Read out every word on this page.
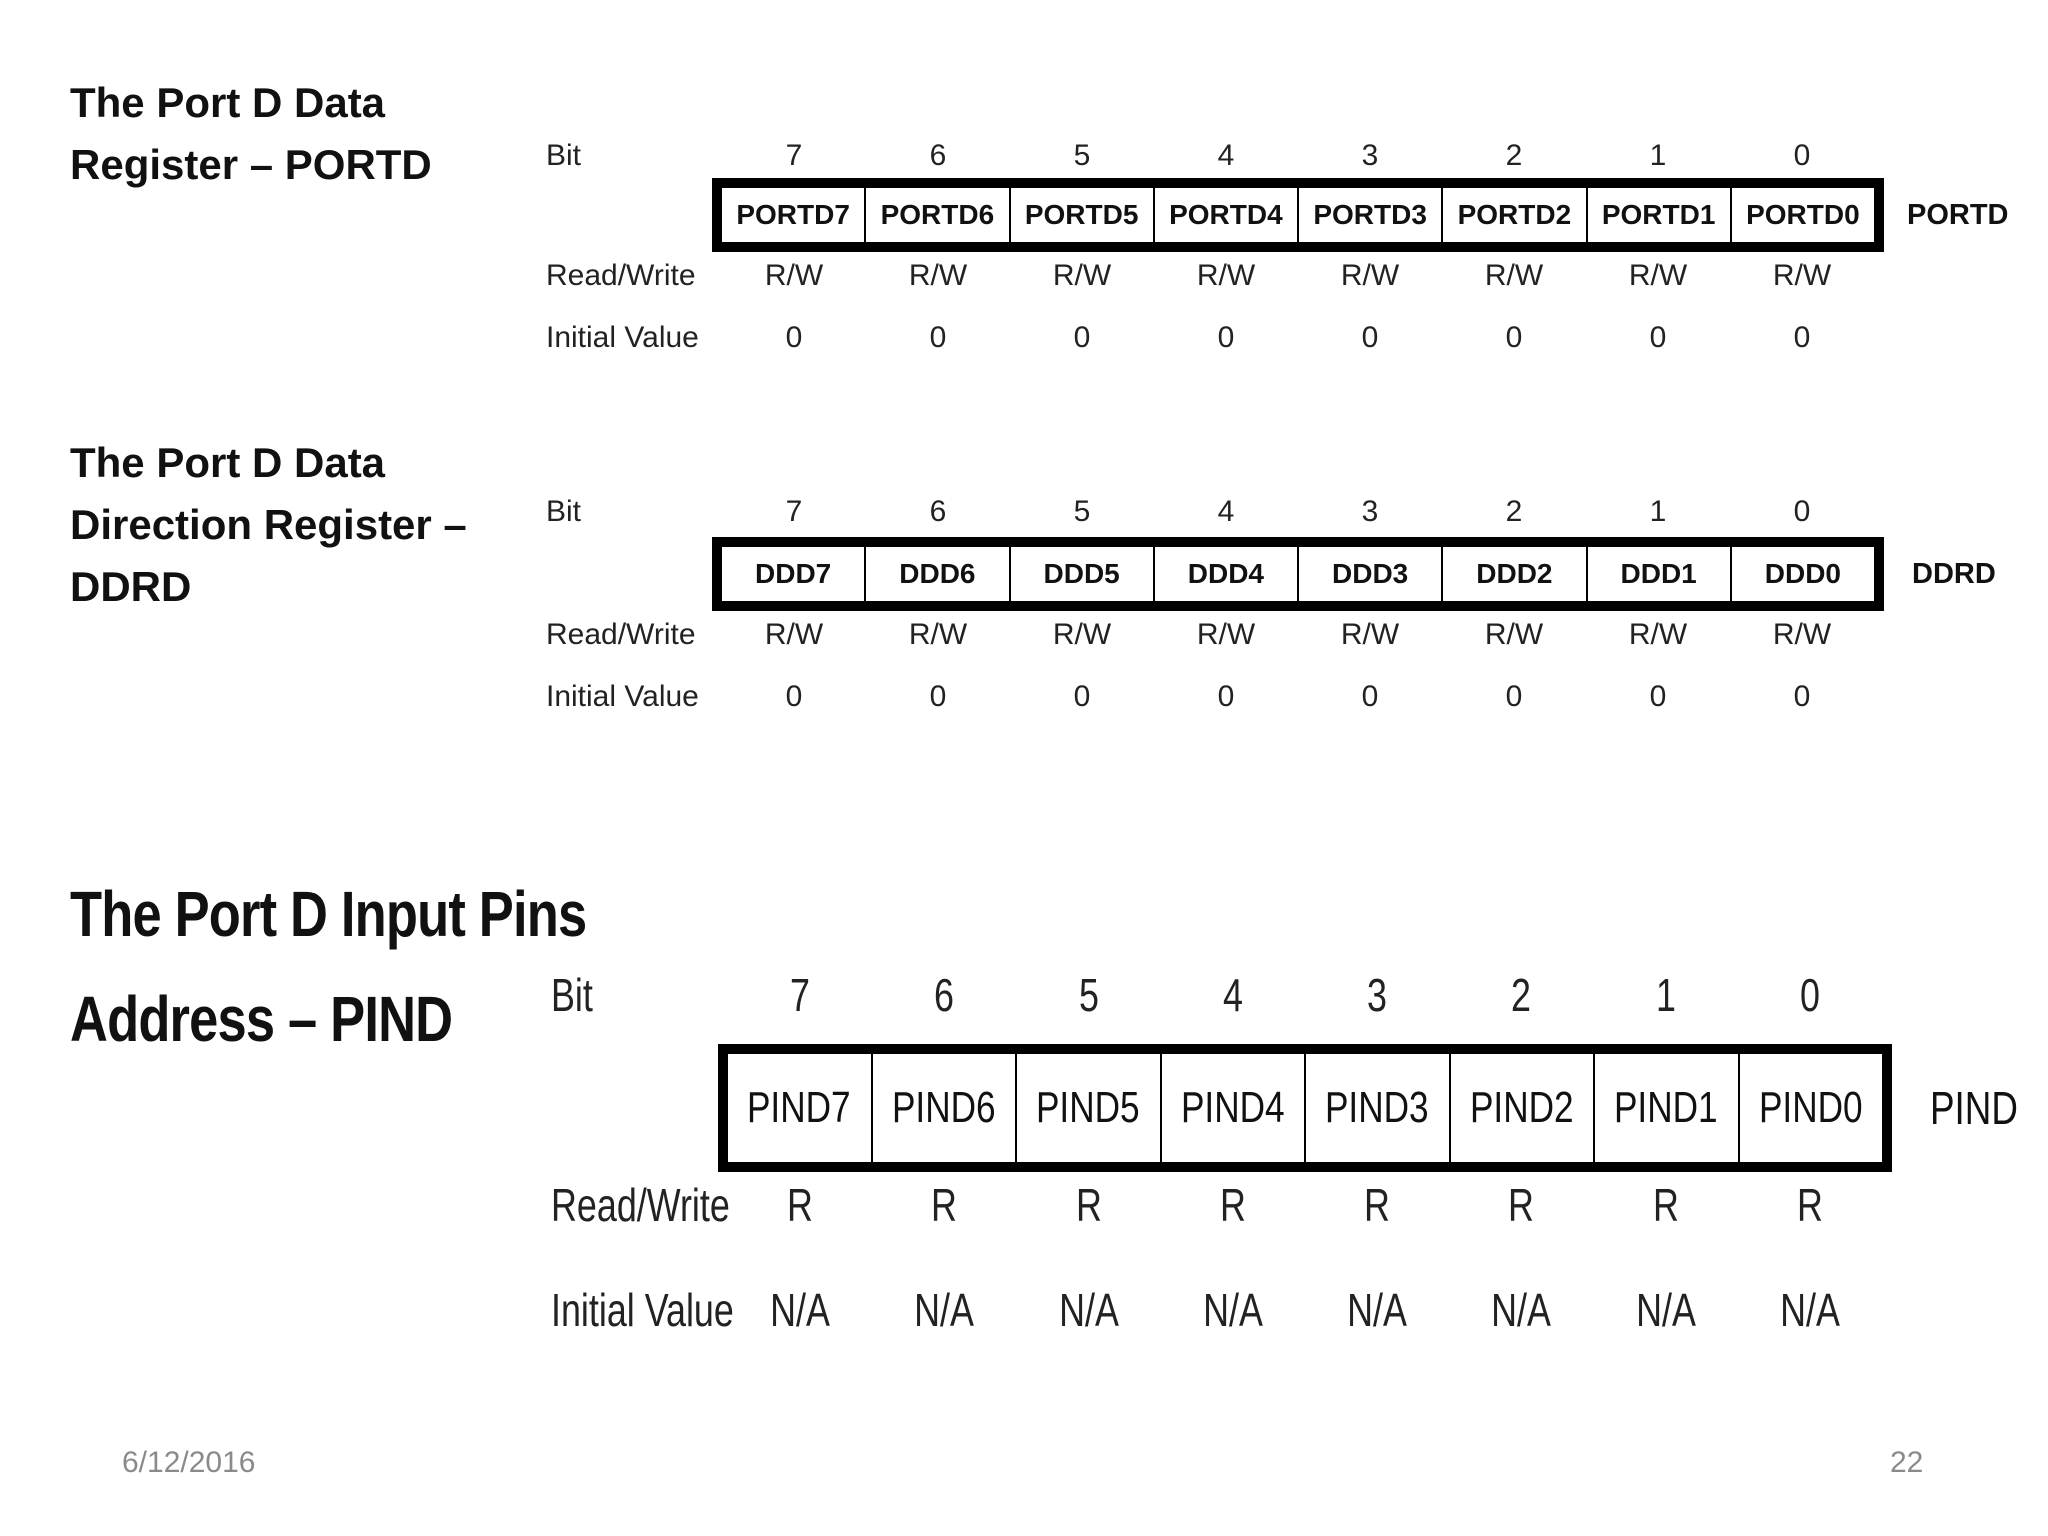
The Port D Data
Register – PORTD
The Port D Data
Direction Register –
DDRD
The Port D Input Pins
Address – PIND
Bit
Read/Write
Initial Value
7
R/W
0
6
R/W
0
5
R/W
0
4
R/W
0
3
R/W
0
2
R/W
0
1
R/W
0
0
R/W
0
PORTD7 PORTD6 PORTD5 PORTD4 PORTD3 PORTD2 PORTD1 PORTD0 PORTD
Bit
Read/Write
Initial Value
7
R/W
0
6
R/W
0
5
R/W
0
4
R/W
0
3
R/W
0
2
R/W
0
1
R/W
0
0
R/W
0
DDD7 DDD6 DDD5 DDD4 DDD3 DDD2 DDD1 DDD0 DDRD
Bit
Read/Write
Initial Value
7
R
N/A
6
R
N/A
5
R
N/A
4
R
N/A
3
R
N/A
2
R
N/A
1
R
N/A
0
R
N/A
PIND7 PIND6 PIND5 PIND4 PIND3 PIND2 PIND1 PIND0 PIND
6/12/2016	22
